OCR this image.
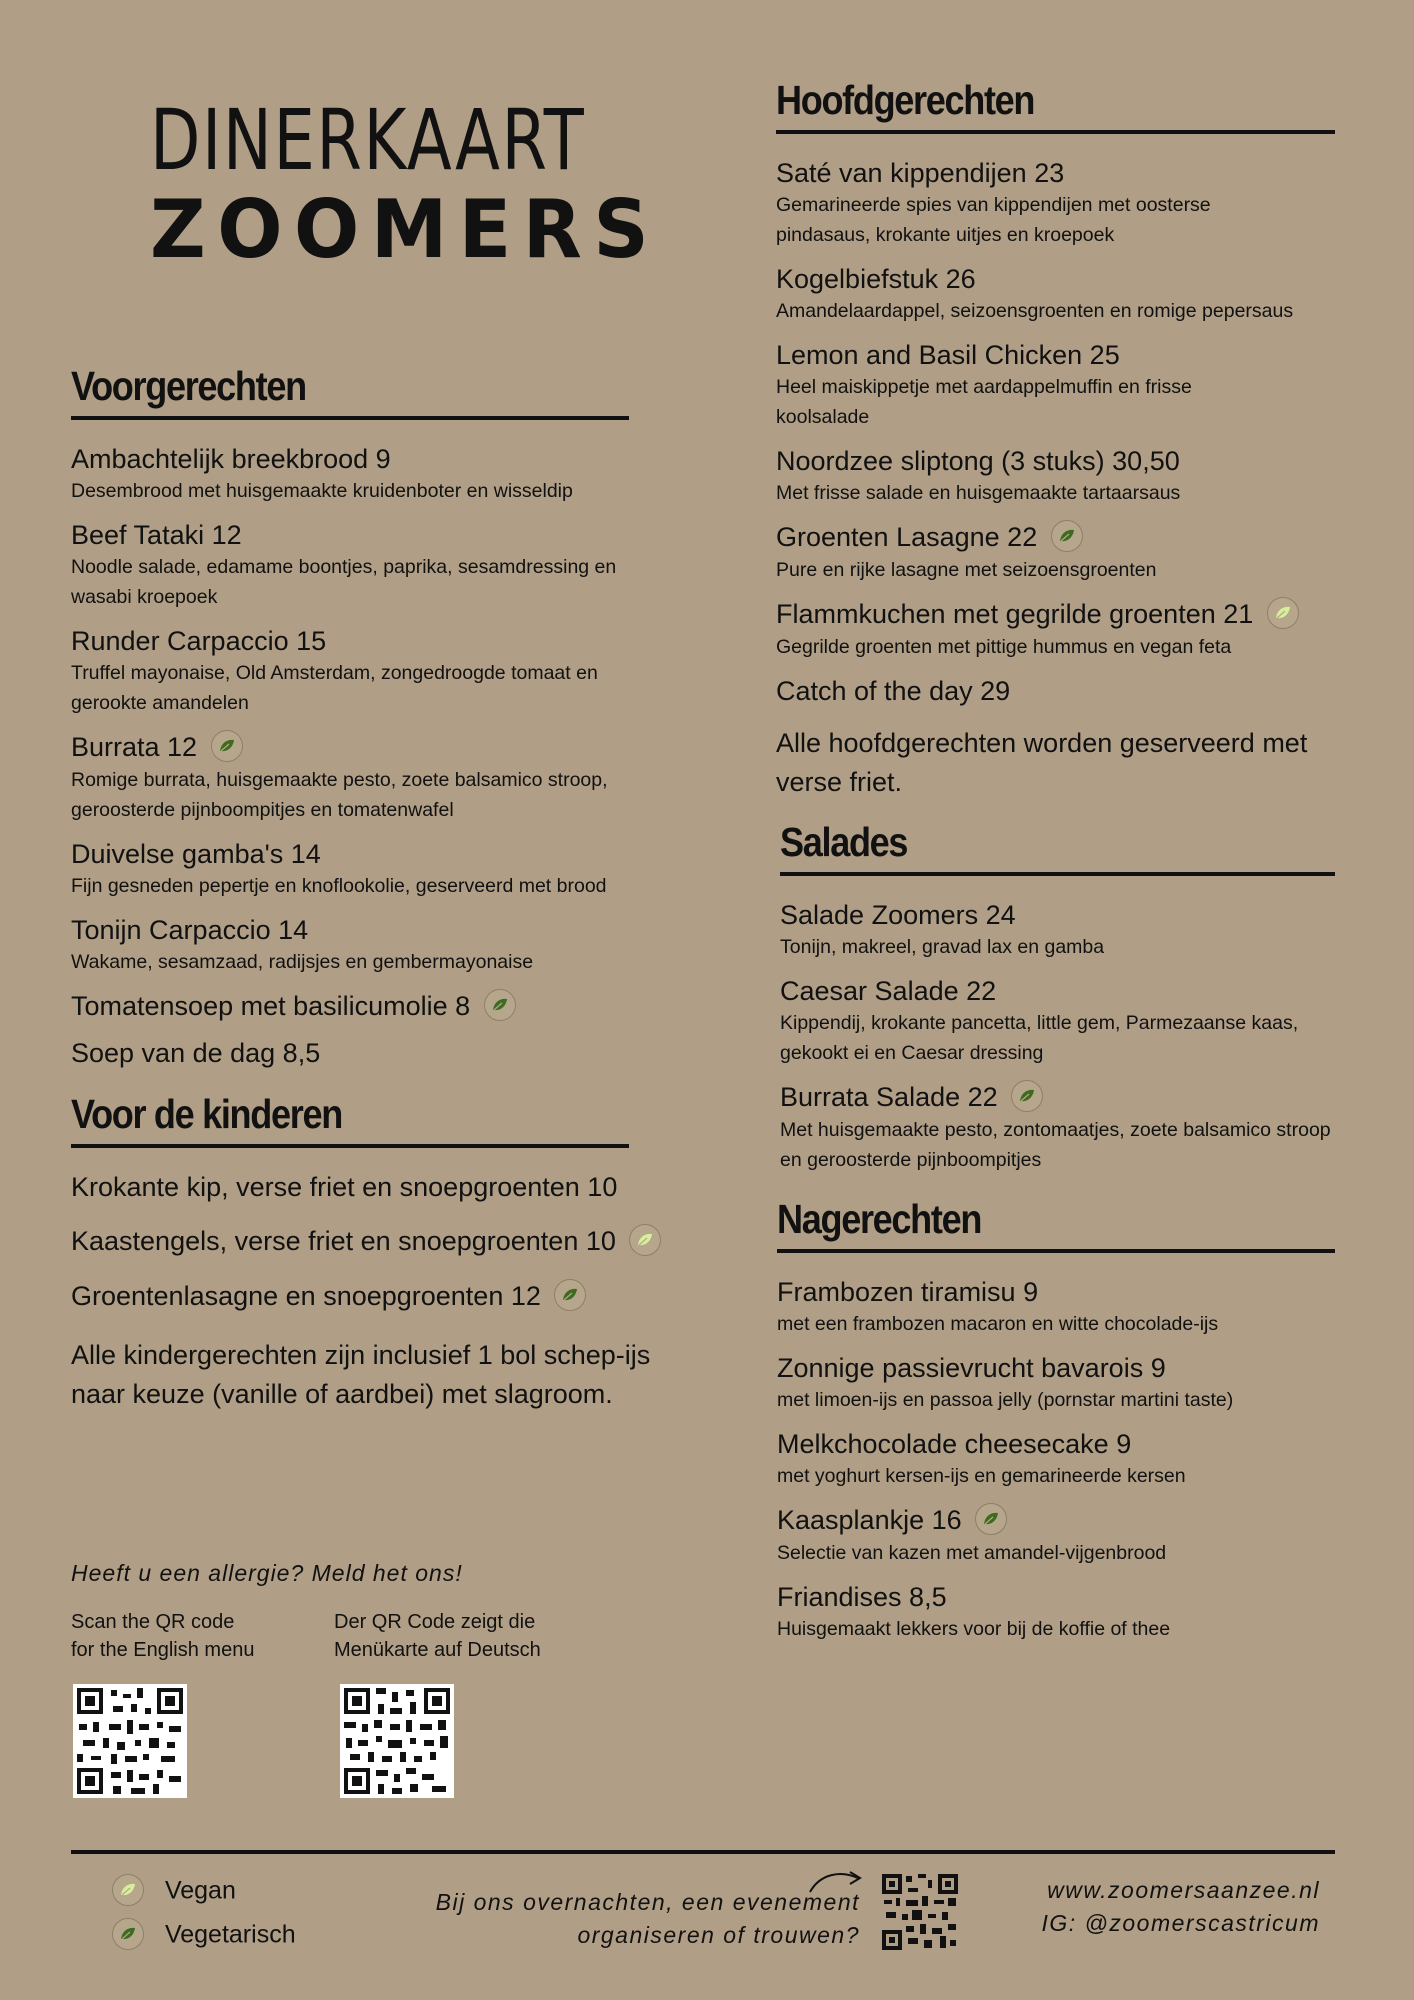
DINERKAART
ZOOMERS
Voorgerechten
Ambachtelijk breekbrood 9
Desembrood met huisgemaakte kruidenboter en wisseldip
Beef Tataki 12
Noodle salade, edamame boontjes, paprika, sesamdressing en wasabi kroepoek
Runder Carpaccio 15
Truffel mayonaise, Old Amsterdam, zongedroogde tomaat en gerookte amandelen
Burrata 12
Romige burrata, huisgemaakte pesto, zoete balsamico stroop, geroosterde pijnboompitjes en tomatenwafel
Duivelse gamba's 14
Fijn gesneden pepertje en knoflookolie, geserveerd met brood
Tonijn Carpaccio 14
Wakame, sesamzaad, radijsjes en gembermayonaise
Tomatensoep met basilicumolie 8
Soep van de dag 8,5
Voor de kinderen
Krokante kip, verse friet en snoepgroenten 10
Kaastengels, verse friet en snoepgroenten 10
Groentenlasagne en snoepgroenten 12
Alle kindergerechten zijn inclusief 1 bol schep-ijs naar keuze (vanille of aardbei) met slagroom.
Heeft u een allergie? Meld het ons!
Scan the QR code
for the English menu
Der QR Code zeigt die
Menükarte auf Deutsch
Hoofdgerechten
Saté van kippendijen 23
Gemarineerde spies van kippendijen met oosterse pindasaus, krokante uitjes en kroepoek
Kogelbiefstuk 26
Amandelaardappel, seizoensgroenten en romige pepersaus
Lemon and Basil Chicken 25
Heel maiskippetje met aardappelmuffin en frisse koolsalade
Noordzee sliptong (3 stuks) 30,50
Met frisse salade en huisgemaakte tartaarsaus
Groenten Lasagne 22
Pure en rijke lasagne met seizoensgroenten
Flammkuchen met gegrilde groenten 21
Gegrilde groenten met pittige hummus en vegan feta
Catch of the day 29
Alle hoofdgerechten worden geserveerd met verse friet.
Salades
Salade Zoomers 24
Tonijn, makreel, gravad lax en gamba
Caesar Salade 22
Kippendij, krokante pancetta, little gem, Parmezaanse kaas, gekookt ei en Caesar dressing
Burrata Salade 22
Met huisgemaakte pesto, zontomaatjes, zoete balsamico stroop en geroosterde pijnboompitjes
Nagerechten
Frambozen tiramisu 9
met een frambozen macaron en witte chocolade-ijs
Zonnige passievrucht bavarois 9
met limoen-ijs en passoa jelly (pornstar martini taste)
Melkchocolade cheesecake 9
met yoghurt kersen-ijs en gemarineerde kersen
Kaasplankje 16
Selectie van kazen met amandel-vijgenbrood
Friandises 8,5
Huisgemaakt lekkers voor bij de koffie of thee
Vegan
Vegetarisch
Bij ons overnachten, een evenement
organiseren of trouwen?
www.zoomersaanzee.nl
IG: @zoomerscastricum
